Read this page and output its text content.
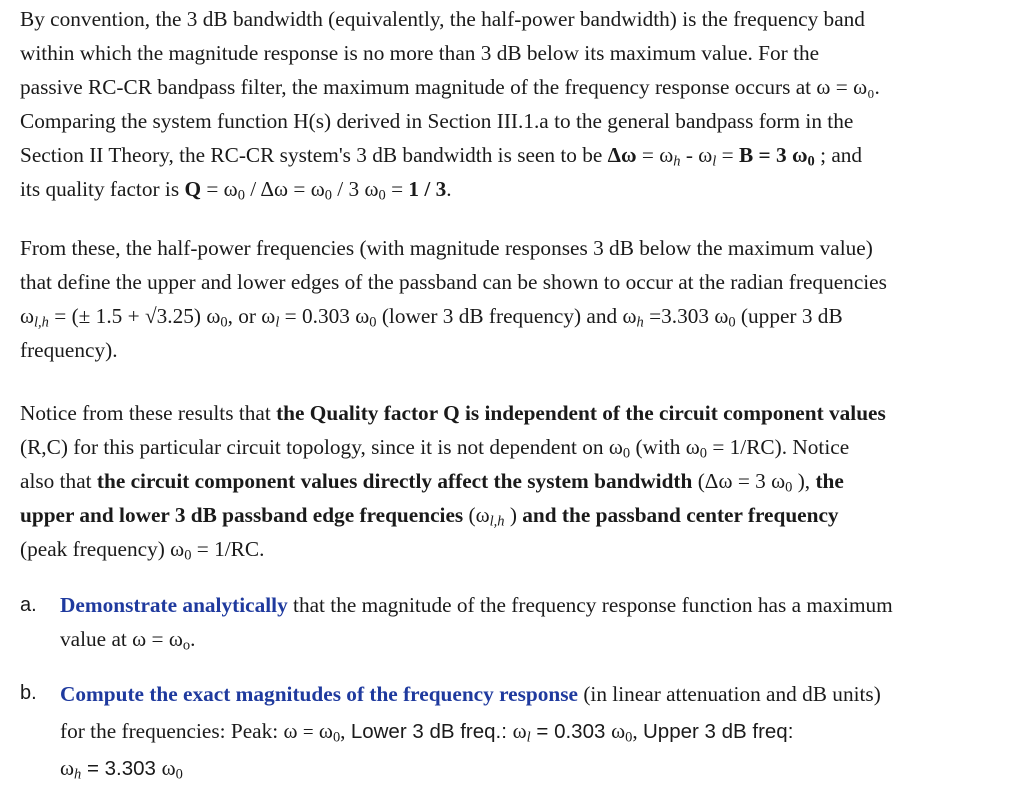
By convention, the 3 dB bandwidth (equivalently, the half-power bandwidth) is the frequency band
within which the magnitude response is no more than 3 dB below its maximum value. For the
passive RC-CR bandpass filter, the maximum magnitude of the frequency response occurs at ω = ω₀.
Comparing the system function H(s) derived in Section III.1.a to the general bandpass form in the
Section II Theory, the RC-CR system's 3 dB bandwidth is seen to be $\Delta\omega = \omega_h - \omega_l = B = 3$ $\omega_0$ ; and
its quality factor is $Q = \omega_0 / \Delta\omega = \omega_0 / 3$ $\omega_0 = 1 / 3$.
From these, the half-power frequencies (with magnitude responses 3 dB below the maximum value)
that define the upper and lower edges of the passband can be shown to occur at the radian frequencies
$\omega_{l,h}$ = (± 1.5 + √3.25) $\omega_0$, or $\omega_l = 0.303$ $\omega_0$ (lower 3 dB frequency) and $\omega_h =3.303$ $\omega_0$ (upper 3 dB
frequency).
Notice from these results that the Quality factor Q is independent of the circuit component values
(R,C) for this particular circuit topology, since it is not dependent on $\omega_0$ (with $\omega_0 = 1/RC$). Notice
also that the circuit component values directly affect the system bandwidth (Δω = 3 $\omega_0$ ), the
upper and lower 3 dB passband edge frequencies ($\omega_{l,h}$ ) and the passband center frequency
(peak frequency) $\omega_0 = 1/RC$.
a. Demonstrate analytically that the magnitude of the frequency response function has a maximum
value at $\omega = \omega_o$.
b. Compute the exact magnitudes of the frequency response (in linear attenuation and dB units)
for the frequencies: Peak: $\omega = \omega_0$, Lower 3 dB freq.: $\omega_l = 0.303$ $\omega_0$, Upper 3 dB freq:
$\omega_h = 3.303$ $\omega_0$
